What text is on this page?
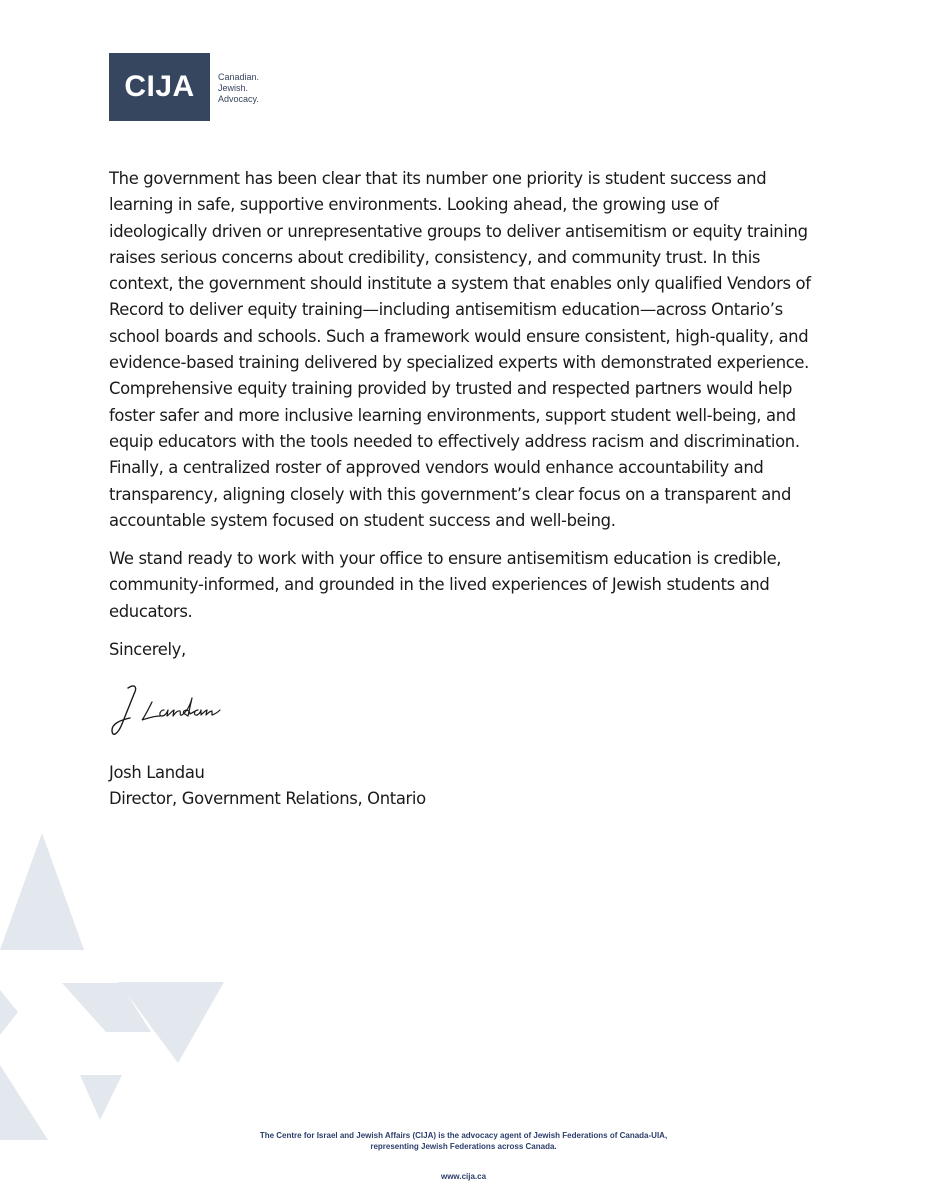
CIJA	Canadian.
Jewish.
Advocacy.

The government has been clear that its number one priority is student success and learning in safe, supportive environments. Looking ahead, the growing use of ideologically driven or unrepresentative groups to deliver antisemitism or equity training raises serious concerns about credibility, consistency, and community trust. In this context, the government should institute a system that enables only qualified Vendors of Record to deliver equity training—including antisemitism education—across Ontario’s school boards and schools. Such a framework would ensure consistent, high-quality, and evidence-based training delivered by specialized experts with demonstrated experience. Comprehensive equity training provided by trusted and respected partners would help foster safer and more inclusive learning environments, support student well-being, and equip educators with the tools needed to effectively address racism and discrimination. Finally, a centralized roster of approved vendors would enhance accountability and transparency, aligning closely with this government’s clear focus on a transparent and accountable system focused on student success and well-being.

We stand ready to work with your office to ensure antisemitism education is credible, community-informed, and grounded in the lived experiences of Jewish students and educators.

Sincerely,

Josh Landau
Director, Government Relations, Ontario
The Centre for Israel and Jewish Affairs (CIJA) is the advocacy agent of Jewish Federations of Canada-UIA,
representing Jewish Federations across Canada.
www.cija.ca
